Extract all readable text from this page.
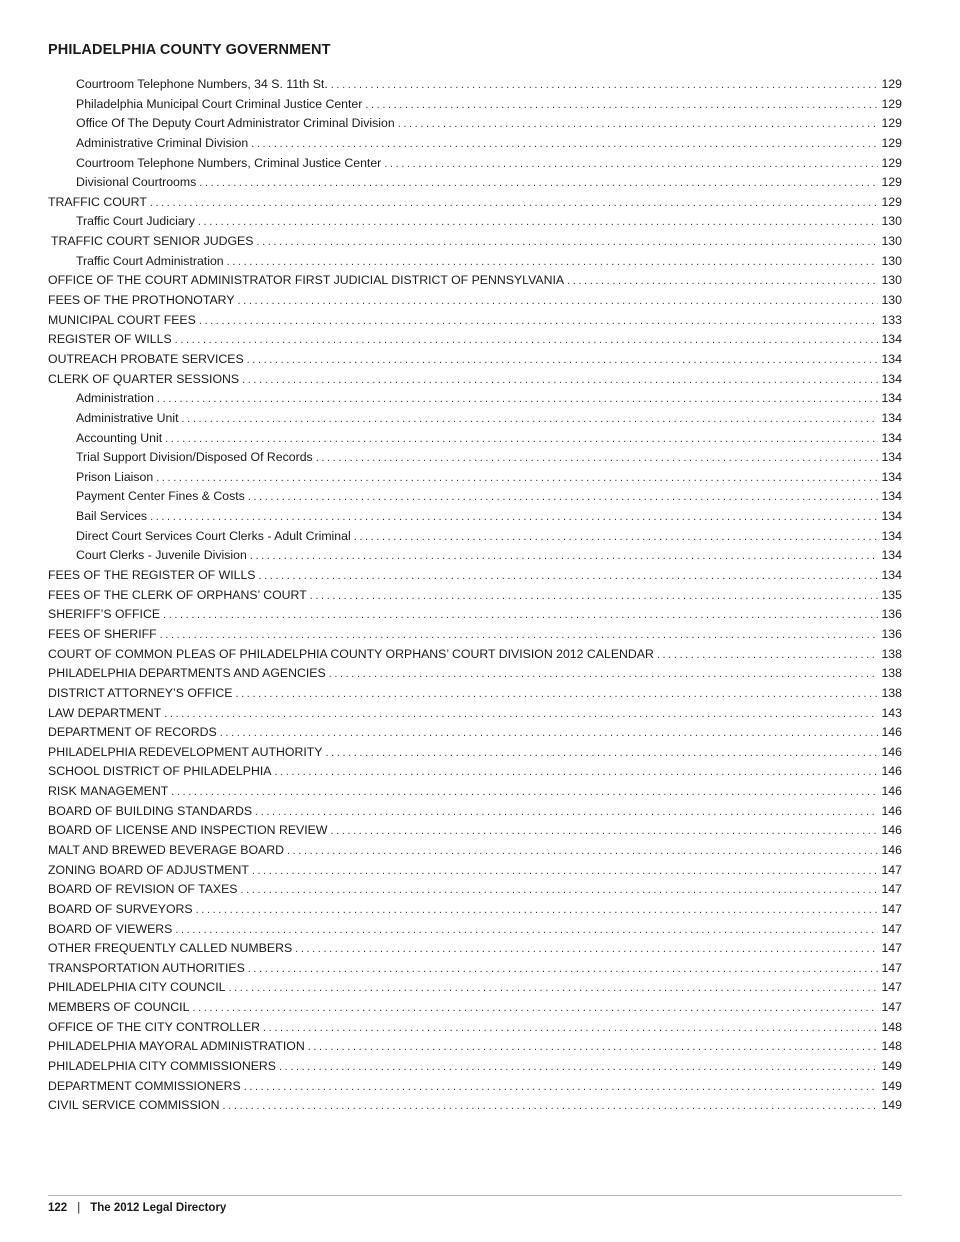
PHILADELPHIA COUNTY GOVERNMENT
Courtroom Telephone Numbers, 34 S. 11th St. .....	129
Philadelphia Municipal Court Criminal Justice Center .....	129
Office Of The Deputy Court Administrator Criminal Division .....	129
Administrative Criminal Division .....	129
Courtroom Telephone Numbers, Criminal Justice Center .....	129
Divisional Courtrooms .....	129
TRAFFIC COURT .....	129
Traffic Court Judiciary .....	130
TRAFFIC COURT SENIOR JUDGES .....	130
Traffic Court Administration .....	130
OFFICE OF THE COURT ADMINISTRATOR FIRST JUDICIAL DISTRICT OF PENNSYLVANIA .....	130
FEES OF THE PROTHONOTARY .....	130
MUNICIPAL COURT FEES .....	133
REGISTER OF WILLS .....	134
OUTREACH PROBATE SERVICES .....	134
CLERK OF QUARTER SESSIONS .....	134
Administration .....	134
Administrative Unit .....	134
Accounting Unit .....	134
Trial Support Division/Disposed Of Records .....	134
Prison Liaison .....	134
Payment Center Fines & Costs .....	134
Bail Services .....	134
Direct Court Services Court Clerks - Adult Criminal .....	134
Court Clerks - Juvenile Division .....	134
FEES OF THE REGISTER OF WILLS .....	134
FEES OF THE CLERK OF ORPHANS’ COURT .....	135
SHERIFF’S OFFICE .....	136
FEES OF SHERIFF .....	136
COURT OF COMMON PLEAS OF PHILADELPHIA COUNTY ORPHANS’ COURT DIVISION 2012 CALENDAR .....	138
PHILADELPHIA DEPARTMENTS AND AGENCIES .....	138
DISTRICT ATTORNEY’S OFFICE .....	138
LAW DEPARTMENT .....	143
DEPARTMENT OF RECORDS .....	146
PHILADELPHIA REDEVELOPMENT AUTHORITY .....	146
SCHOOL DISTRICT OF PHILADELPHIA .....	146
RISK MANAGEMENT .....	146
BOARD OF BUILDING STANDARDS .....	146
BOARD OF LICENSE AND INSPECTION REVIEW .....	146
MALT AND BREWED BEVERAGE BOARD .....	146
ZONING BOARD OF ADJUSTMENT .....	147
BOARD OF REVISION OF TAXES .....	147
BOARD OF SURVEYORS .....	147
BOARD OF VIEWERS .....	147
OTHER FREQUENTLY CALLED NUMBERS .....	147
TRANSPORTATION AUTHORITIES .....	147
PHILADELPHIA CITY COUNCIL .....	147
MEMBERS OF COUNCIL .....	147
OFFICE OF THE CITY CONTROLLER .....	148
PHILADELPHIA MAYORAL ADMINISTRATION .....	148
PHILADELPHIA CITY COMMISSIONERS .....	149
DEPARTMENT COMMISSIONERS .....	149
CIVIL SERVICE COMMISSION .....	149
122 | The 2012 Legal Directory
